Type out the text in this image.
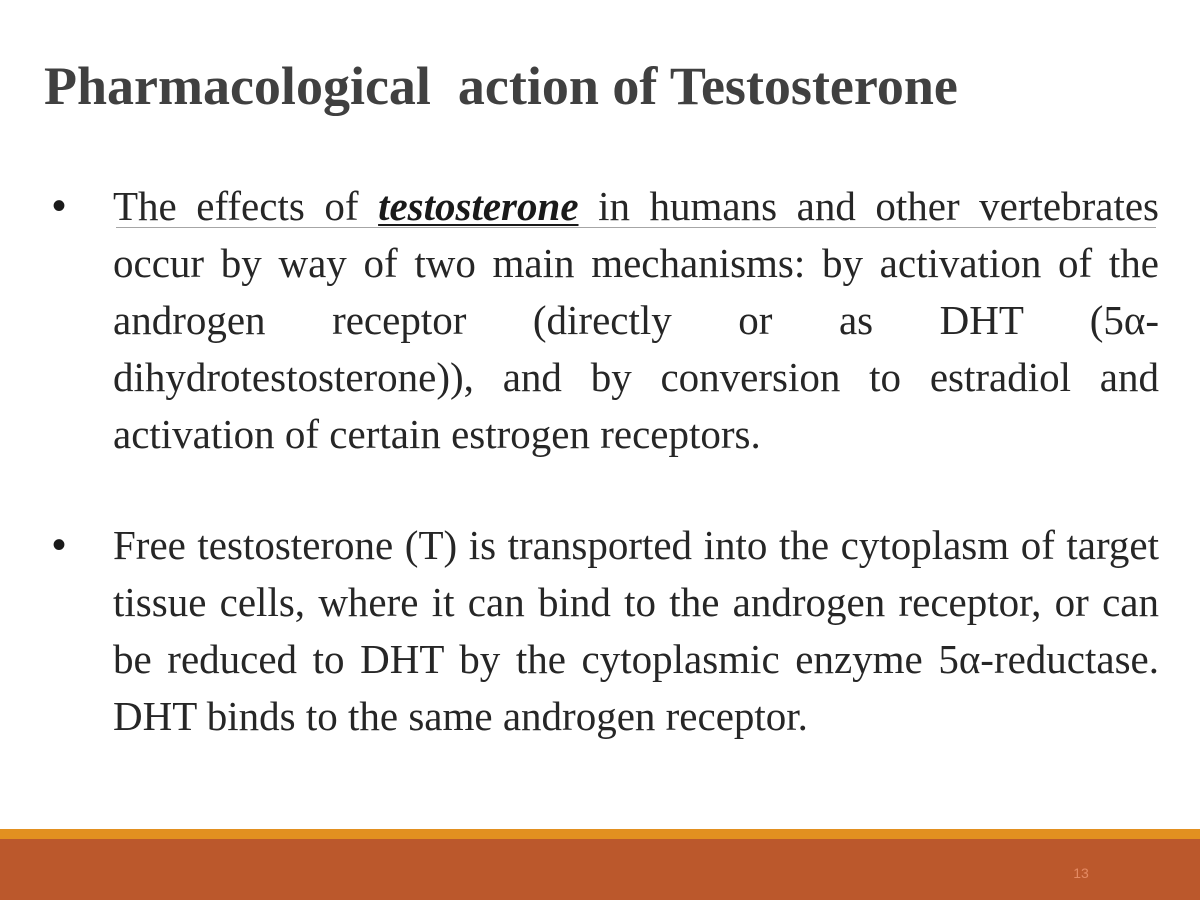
Pharmacological  action of Testosterone
• The effects of testosterone in humans and other vertebrates occur by way of two main mechanisms: by activation of the androgen receptor (directly or as DHT (5α-dihydrotestosterone)), and by conversion to estradiol and activation of certain estrogen receptors.
• Free testosterone (T) is transported into the cytoplasm of target tissue cells, where it can bind to the androgen receptor, or can be reduced to DHT by the cytoplasmic enzyme 5α-reductase. DHT binds to the same androgen receptor.
13
